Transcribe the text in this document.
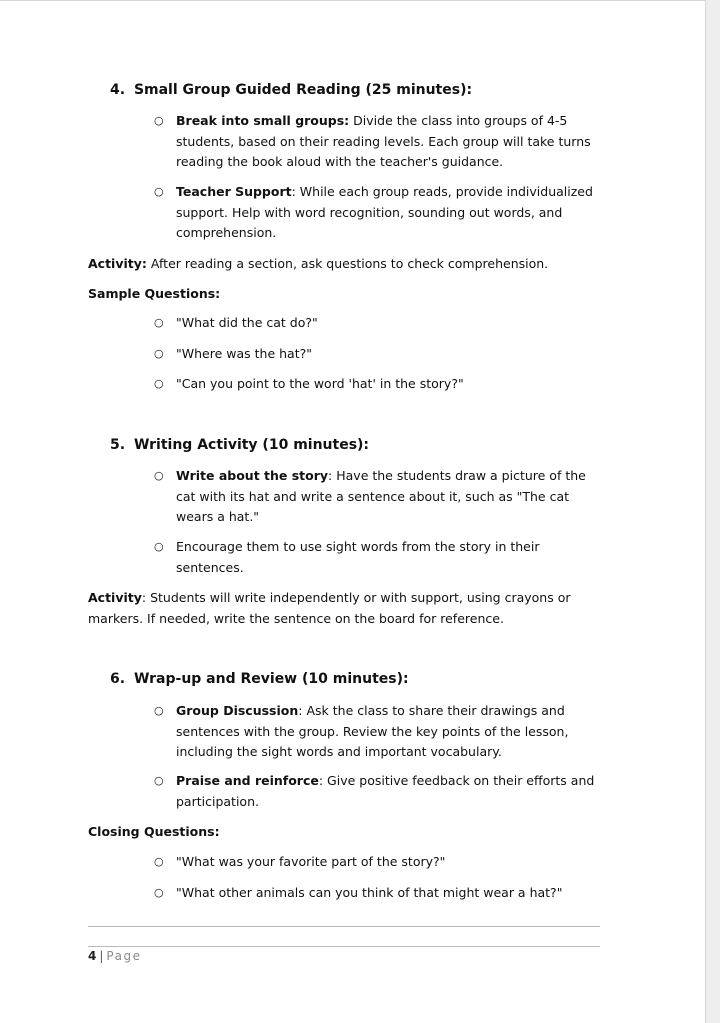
4. Small Group Guided Reading (25 minutes):
○ Break into small groups: Divide the class into groups of 4-5 students, based on their reading levels. Each group will take turns reading the book aloud with the teacher's guidance.
○ Teacher Support: While each group reads, provide individualized support. Help with word recognition, sounding out words, and comprehension.

Activity: After reading a section, ask questions to check comprehension.

Sample Questions:

○ "What did the cat do?"
○ "Where was the hat?"
○ "Can you point to the word 'hat' in the story?"
5. Writing Activity (10 minutes):
○ Write about the story: Have the students draw a picture of the cat with its hat and write a sentence about it, such as "The cat wears a hat."
○ Encourage them to use sight words from the story in their sentences.

Activity: Students will write independently or with support, using crayons or markers. If needed, write the sentence on the board for reference.

6. Wrap-up and Review (10 minutes):
○ Group Discussion: Ask the class to share their drawings and sentences with the group. Review the key points of the lesson, including the sight words and important vocabulary.
○ Praise and reinforce: Give positive feedback on their efforts and participation.

Closing Questions:

○ "What was your favorite part of the story?"
○ "What other animals can you think of that might wear a hat?"
4 | Page
